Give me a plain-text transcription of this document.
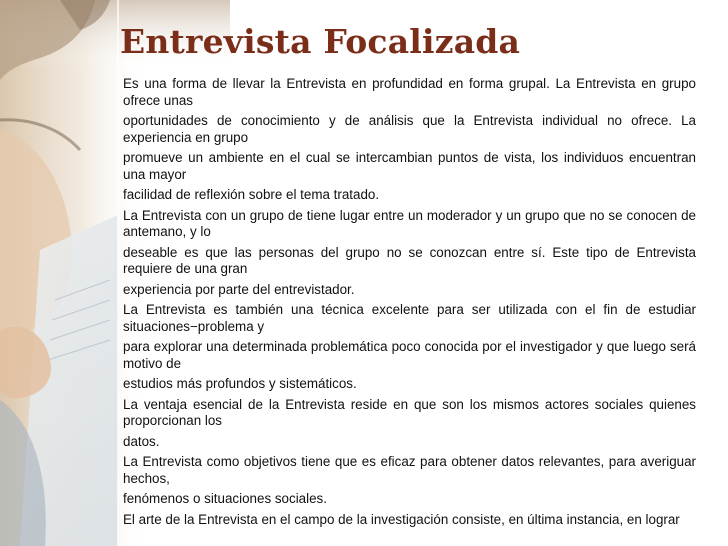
Entrevista Focalizada

Es una forma de llevar la Entrevista en profundidad en forma grupal. La Entrevista en grupo ofrece unas

oportunidades de conocimiento y de análisis que la Entrevista individual no ofrece. La experiencia en grupo

promueve un ambiente en el cual se intercambian puntos de vista, los individuos encuentran una mayor

facilidad de reflexión sobre el tema tratado.

La Entrevista con un grupo de tiene lugar entre un moderador y un grupo que no se conocen de antemano, y lo

deseable es que las personas del grupo no se conozcan entre sí. Este tipo de Entrevista requiere de una gran

experiencia por parte del entrevistador.

La Entrevista es también una técnica excelente para ser utilizada con el fin de estudiar situaciones−problema y

para explorar una determinada problemática poco conocida por el investigador y que luego será motivo de

estudios más profundos y sistemáticos.

La ventaja esencial de la Entrevista reside en que son los mismos actores sociales quienes proporcionan los

datos.

La Entrevista como objetivos tiene que es eficaz para obtener datos relevantes, para averiguar hechos,

fenómenos o situaciones sociales.

El arte de la Entrevista en el campo de la investigación consiste, en última instancia, en lograr
